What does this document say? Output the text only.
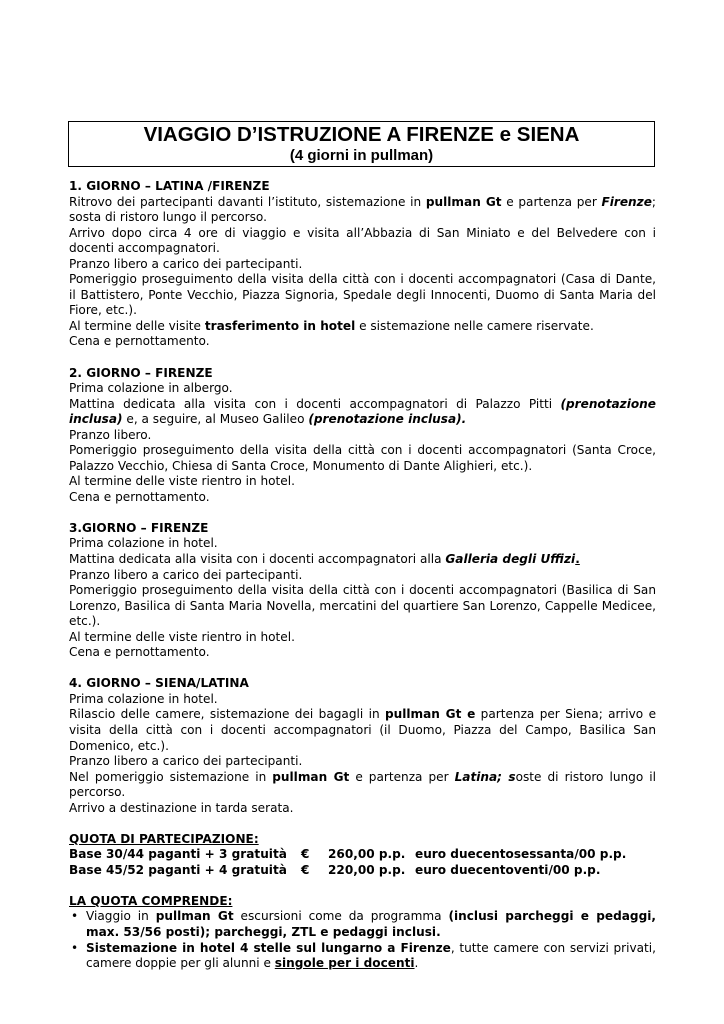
VIAGGIO D’ISTRUZIONE A FIRENZE e SIENA
(4 giorni in pullman)

1. GIORNO – LATINA /FIRENZE

Ritrovo dei partecipanti davanti l’istituto, sistemazione in pullman Gt e partenza per Firenze; sosta di ristoro lungo il percorso.

Arrivo dopo circa 4 ore di viaggio e visita all’Abbazia di San Miniato e del Belvedere con i docenti accompagnatori.

Pranzo libero a carico dei partecipanti.

Pomeriggio proseguimento della visita della città con i docenti accompagnatori (Casa di Dante, il Battistero, Ponte Vecchio, Piazza Signoria, Spedale degli Innocenti, Duomo di Santa Maria del Fiore, etc.).

Al termine delle visite trasferimento in hotel e sistemazione nelle camere riservate.

Cena e pernottamento.

2. GIORNO – FIRENZE

Prima colazione in albergo.

Mattina dedicata alla visita con i docenti accompagnatori di Palazzo Pitti (prenotazione inclusa) e, a seguire, al Museo Galileo (prenotazione inclusa).

Pranzo libero.

Pomeriggio proseguimento della visita della città con i docenti accompagnatori (Santa Croce, Palazzo Vecchio, Chiesa di Santa Croce, Monumento di Dante Alighieri, etc.).

Al termine delle viste rientro in hotel.

Cena e pernottamento.

3.GIORNO – FIRENZE

Prima colazione in hotel.

Mattina dedicata alla visita con i docenti accompagnatori alla Galleria degli Uffizi.

Pranzo libero a carico dei partecipanti.

Pomeriggio proseguimento della visita della città con i docenti accompagnatori (Basilica di San Lorenzo, Basilica di Santa Maria Novella, mercatini del quartiere San Lorenzo, Cappelle Medicee, etc.).

Al termine delle viste rientro in hotel.

Cena e pernottamento.

4. GIORNO – SIENA/LATINA

Prima colazione in hotel.

Rilascio delle camere, sistemazione dei bagagli in pullman Gt e partenza per Siena; arrivo e visita della città con i docenti accompagnatori (il Duomo, Piazza del Campo, Basilica San Domenico, etc.).

Pranzo libero a carico dei partecipanti.

Nel pomeriggio sistemazione in pullman Gt e partenza per Latina; soste di ristoro lungo il percorso.

Arrivo a destinazione in tarda serata.

QUOTA DI PARTECIPAZIONE:

Base 30/44 paganti + 3 gratuità	€	260,00 p.p. euro duecentosessanta/00 p.p.
Base 45/52 paganti + 4 gratuità	€	220,00 p.p. euro duecentoventi/00 p.p.

LA QUOTA COMPRENDE:

• Viaggio in pullman Gt escursioni come da programma (inclusi parcheggi e pedaggi, max. 53/56 posti); parcheggi, ZTL e pedaggi inclusi.
• Sistemazione in hotel 4 stelle sul lungarno a Firenze, tutte camere con servizi privati, camere doppie per gli alunni e singole per i docenti.
